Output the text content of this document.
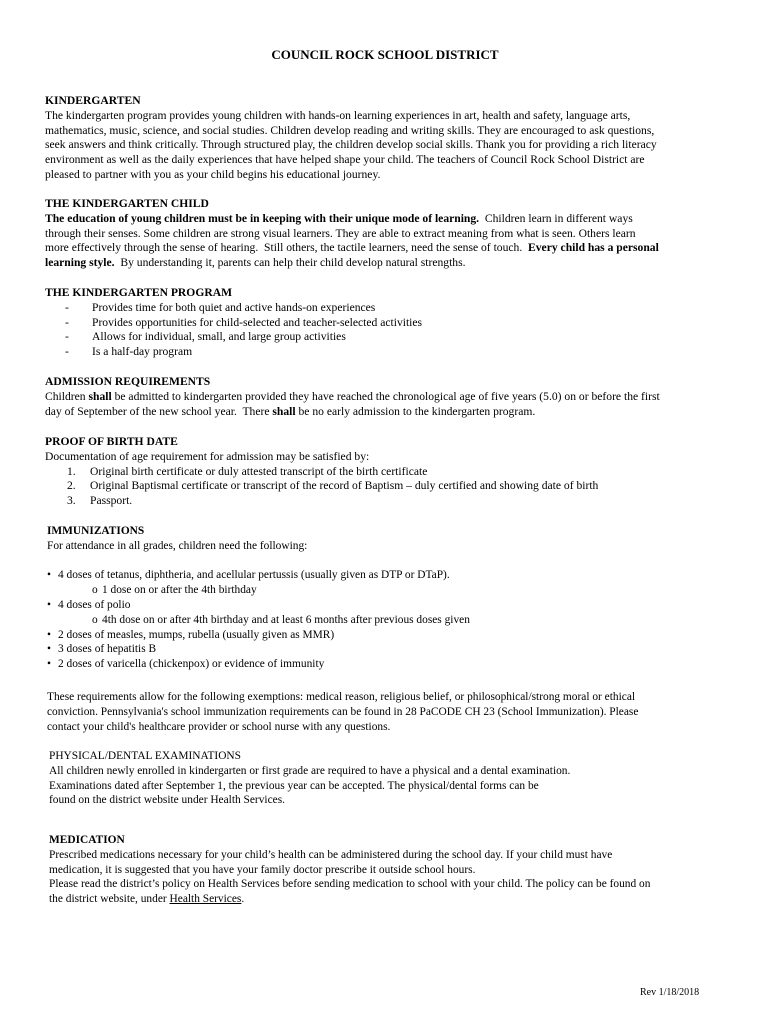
COUNCIL ROCK SCHOOL DISTRICT

KINDERGARTEN

The kindergarten program provides young children with hands-on learning experiences in art, health and safety, language arts,

mathematics, music, science, and social studies. Children develop reading and writing skills. They are encouraged to ask questions,

seek answers and think critically. Through structured play, the children develop social skills. Thank you for providing a rich literacy

environment as well as the daily experiences that have helped shape your child. The teachers of Council Rock School District are

pleased to partner with you as your child begins his educational journey.

THE KINDERGARTEN CHILD

The education of young children must be in keeping with their unique mode of learning.  Children learn in different ways

through their senses. Some children are strong visual learners. They are able to extract meaning from what is seen. Others learn

more effectively through the sense of hearing.  Still others, the tactile learners, need the sense of touch.  Every child has a personal

learning style.  By understanding it, parents can help their child develop natural strengths.

THE KINDERGARTEN PROGRAM

- Provides time for both quiet and active hands-on experiences
- Provides opportunities for child-selected and teacher-selected activities
- Allows for individual, small, and large group activities
- Is a half-day program

ADMISSION REQUIREMENTS

Children shall be admitted to kindergarten provided they have reached the chronological age of five years (5.0) on or before the first

day of September of the new school year.  There shall be no early admission to the kindergarten program.

PROOF OF BIRTH DATE

Documentation of age requirement for admission may be satisfied by:

1. Original birth certificate or duly attested transcript of the birth certificate
2. Original Baptismal certificate or transcript of the record of Baptism – duly certified and showing date of birth
3. Passport.

IMMUNIZATIONS

For attendance in all grades, children need the following:

• 4 doses of tetanus, diphtheria, and acellular pertussis (usually given as DTP or DTaP).

o 1 dose on or after the 4th birthday

• 4 doses of polio

o 4th dose on or after 4th birthday and at least 6 months after previous doses given

• 2 doses of measles, mumps, rubella (usually given as MMR)
• 3 doses of hepatitis B
• 2 doses of varicella (chickenpox) or evidence of immunity

These requirements allow for the following exemptions: medical reason, religious belief, or philosophical/strong moral or ethical

conviction. Pennsylvania's school immunization requirements can be found in 28 PaCODE CH 23 (School Immunization). Please

contact your child's healthcare provider or school nurse with any questions.

PHYSICAL/DENTAL EXAMINATIONS

All children newly enrolled in kindergarten or first grade are required to have a physical and a dental examination.

Examinations dated after September 1, the previous year can be accepted. The physical/dental forms can be

found on the district website under Health Services.

MEDICATION

Prescribed medications necessary for your child’s health can be administered during the school day. If your child must have

medication, it is suggested that you have your family doctor prescribe it outside school hours.

Please read the district’s policy on Health Services before sending medication to school with your child. The policy can be found on

the district website, under Health Services.

Rev 1/18/2018
